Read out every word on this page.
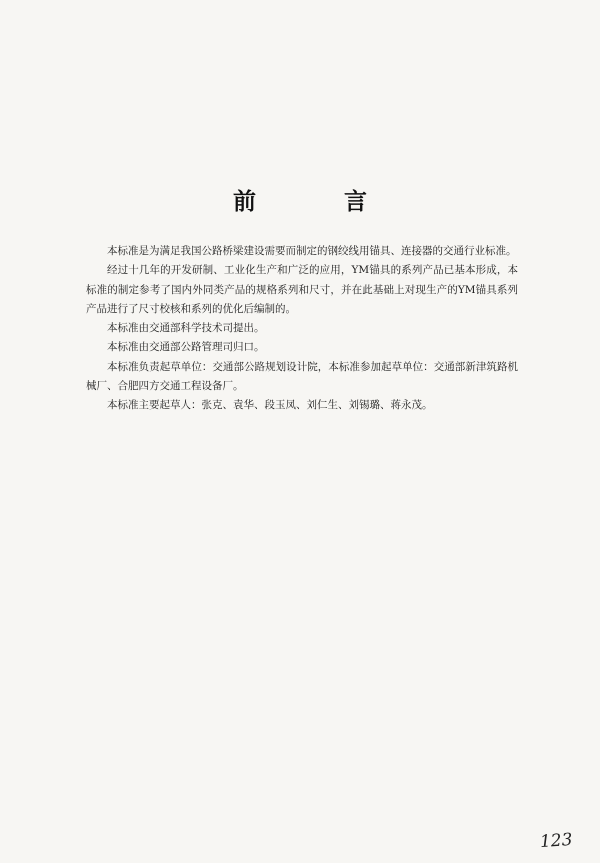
前 言

本标准是为满足我国公路桥梁建设需要而制定的钢绞线用锚具、连接器的交通行业标准。

经过十几年的开发研制、工业化生产和广泛的应用，YM锚具的系列产品已基本形成，本标准的制定参考了国内外同类产品的规格系列和尺寸，并在此基础上对现生产的YM锚具系列产品进行了尺寸校核和系列的优化后编制的。

本标准由交通部科学技术司提出。

本标准由交通部公路管理司归口。

本标准负责起草单位：交通部公路规划设计院，本标准参加起草单位：交通部新津筑路机械厂、合肥四方交通工程设备厂。

本标准主要起草人：张克、袁华、段玉凤、刘仁生、刘锡璐、蒋永茂。

123
